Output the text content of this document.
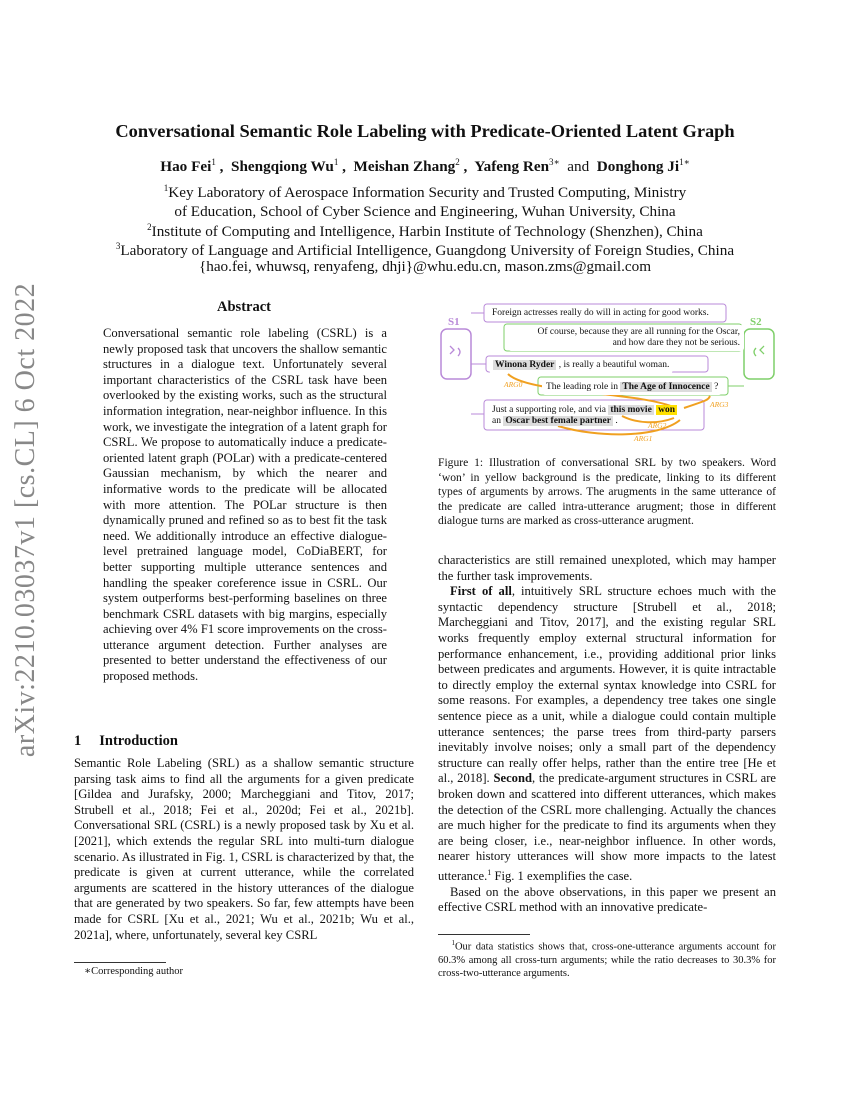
arXiv:2210.03037v1 [cs.CL] 6 Oct 2022
Conversational Semantic Role Labeling with Predicate-Oriented Latent Graph
Hao Fei$^1$ ,  Shengqiong Wu$^1$ ,  Meishan Zhang$^2$ ,  Yafeng Ren$^{3∗}$ and Donghong $Ji^{1∗}$
$^1$Key Laboratory of Aerospace Information Security and Trusted Computing, Ministry
of Education, School of Cyber Science and Engineering, Wuhan University, China
$^2$Institute of Computing and Intelligence, Harbin Institute of Technology (Shenzhen), China
$^3$Laboratory of Language and Artificial Intelligence, Guangdong University of Foreign Studies, China
{hao.fei, whuwsq, renyafeng, dhji}@whu.edu.cn, mason.zms@gmail.com
Abstract
Conversational semantic role labeling (CSRL) is a newly proposed task that uncovers the shallow semantic structures in a dialogue text. Unfortunately several important characteristics of the CSRL task have been overlooked by the existing works, such as the structural information integration, near-neighbor influence. In this work, we investigate the integration of a latent graph for CSRL. We propose to automatically induce a predicate-oriented latent graph (POLar) with a predicate-centered Gaussian mechanism, by which the nearer and informative words to the predicate will be allocated with more attention. The POLar structure is then dynamically pruned and refined so as to best fit the task need. We additionally introduce an effective dialogue-level pretrained language model, CoDiaBERT, for better supporting multiple utterance sentences and handling the speaker coreference issue in CSRL. Our system outperforms best-performing baselines on three benchmark CSRL datasets with big margins, especially achieving over 4% F1 score improvements on the cross-utterance argument detection. Further analyses are presented to better understand the effectiveness of our proposed methods.
1 Introduction
Semantic Role Labeling (SRL) as a shallow semantic structure parsing task aims to find all the arguments for a given predicate [Gildea and Jurafsky, 2000; Marcheggiani and Titov, 2017; Strubell et al., 2018; Fei et al., 2020d; Fei et al., 2021b]. Conversational SRL (CSRL) is a newly proposed task by Xu et al. [2021], which extends the regular SRL into multi-turn dialogue scenario. As illustrated in Fig. 1, CSRL is characterized by that, the predicate is given at current utterance, while the correlated arguments are scattered in the history utterances of the dialogue that are generated by two speakers. So far, few attempts have been made for CSRL [Xu et al., 2021; Wu et al., 2021b; Wu et al., 2021a], where, unfortunately, several key CSRL
∗Corresponding author
S1	S2
Foreign actresses really do will in acting for good works.
Of course, because they are all running for the Oscar,
and how dare they not be serious.
Winona Ryder , is really a beautiful woman.
The leading role in The Age of Innocence ?
Just a supporting role, and via this movie won
an Oscar best female partner .
ARG0
ARG3
ARG2
ARG1
Figure 1: Illustration of conversational SRL by two speakers. Word ‘won’ in yellow background is the predicate, linking to its different types of arguments by arrows. The arugments in the same utterance of the predicate are called intra-utterance arugment; those in different dialogue turns are marked as cross-utterance arugment.

characteristics are still remained unexploted, which may hamper the further task improvements.

First of all, intuitively SRL structure echoes much with the syntactic dependency structure [Strubell et al., 2018; Marcheggiani and Titov, 2017], and the existing regular SRL works frequently employ external structural information for performance enhancement, i.e., providing additional prior links between predicates and arguments. However, it is quite intractable to directly employ the external syntax knowledge into CSRL for some reasons. For examples, a dependency tree takes one single sentence piece as a unit, while a dialogue could contain multiple utterance sentences; the parse trees from third-party parsers inevitably involve noises; only a small part of the dependency structure can really offer helps, rather than the entire tree [He et al., 2018]. Second, the predicate-argument structures in CSRL are broken down and scattered into different utterances, which makes the detection of the CSRL more challenging. Actually the chances are much higher for the predicate to find its arguments when they are being closer, i.e., near-neighbor influence. In other words, nearer history utterances will show more impacts to the latest utterance.$^1$ Fig. 1 exemplifies the case.

Based on the above observations, in this paper we present an effective CSRL method with an innovative predicate-

$^1$Our data statistics shows that, cross-one-utterance arguments account for 60.3% among all cross-turn arguments; while the ratio decreases to 30.3% for cross-two-utterance arguments.
